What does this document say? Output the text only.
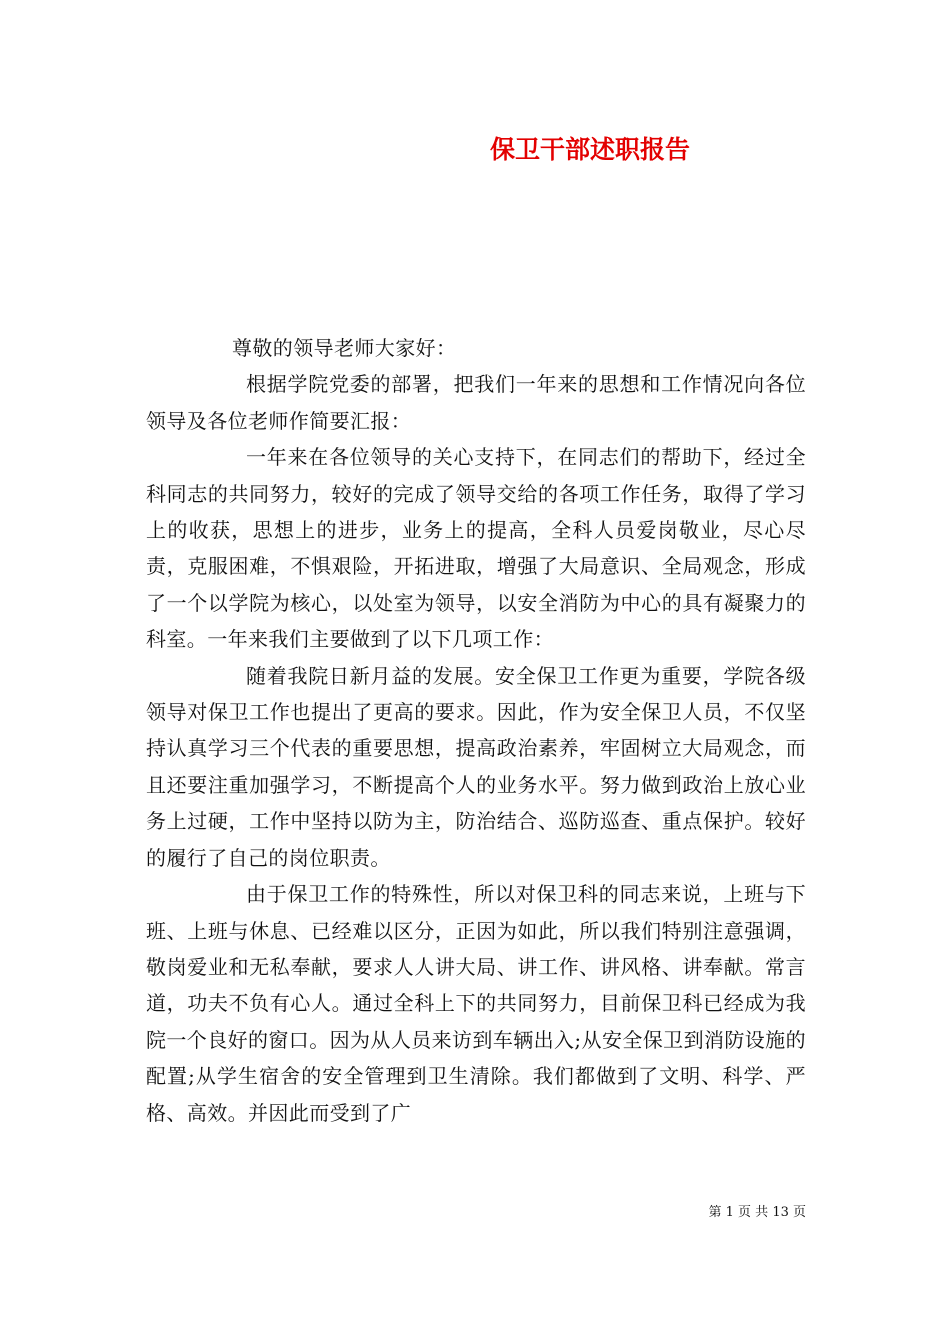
保卫干部述职报告

尊敬的领导老师大家好：

根据学院党委的部署，把我们一年来的思想和工作情况向各位领导及各位老师作简要汇报：

一年来在各位领导的关心支持下，在同志们的帮助下，经过全科同志的共同努力，较好的完成了领导交给的各项工作任务，取得了学习上的收获，思想上的进步，业务上的提高，全科人员爱岗敬业，尽心尽责，克服困难，不惧艰险，开拓进取，增强了大局意识、全局观念，形成了一个以学院为核心，以处室为领导，以安全消防为中心的具有凝聚力的科室。一年来我们主要做到了以下几项工作：

随着我院日新月益的发展。安全保卫工作更为重要，学院各级领导对保卫工作也提出了更高的要求。因此，作为安全保卫人员，不仅坚持认真学习三个代表的重要思想，提高政治素养，牢固树立大局观念，而且还要注重加强学习，不断提高个人的业务水平。努力做到政治上放心业务上过硬，工作中坚持以防为主，防治结合、巡防巡查、重点保护。较好的履行了自己的岗位职责。

由于保卫工作的特殊性，所以对保卫科的同志来说，上班与下班、上班与休息、已经难以区分，正因为如此，所以我们特别注意强调，敬岗爱业和无私奉献，要求人人讲大局、讲工作、讲风格、讲奉献。常言道，功夫不负有心人。通过全科上下的共同努力，目前保卫科已经成为我院一个良好的窗口。因为从人员来访到车辆出入;从安全保卫到消防设施的配置;从学生宿舍的安全管理到卫生清除。我们都做到了文明、科学、严格、高效。并因此而受到了广

第 1 页 共 13 页
